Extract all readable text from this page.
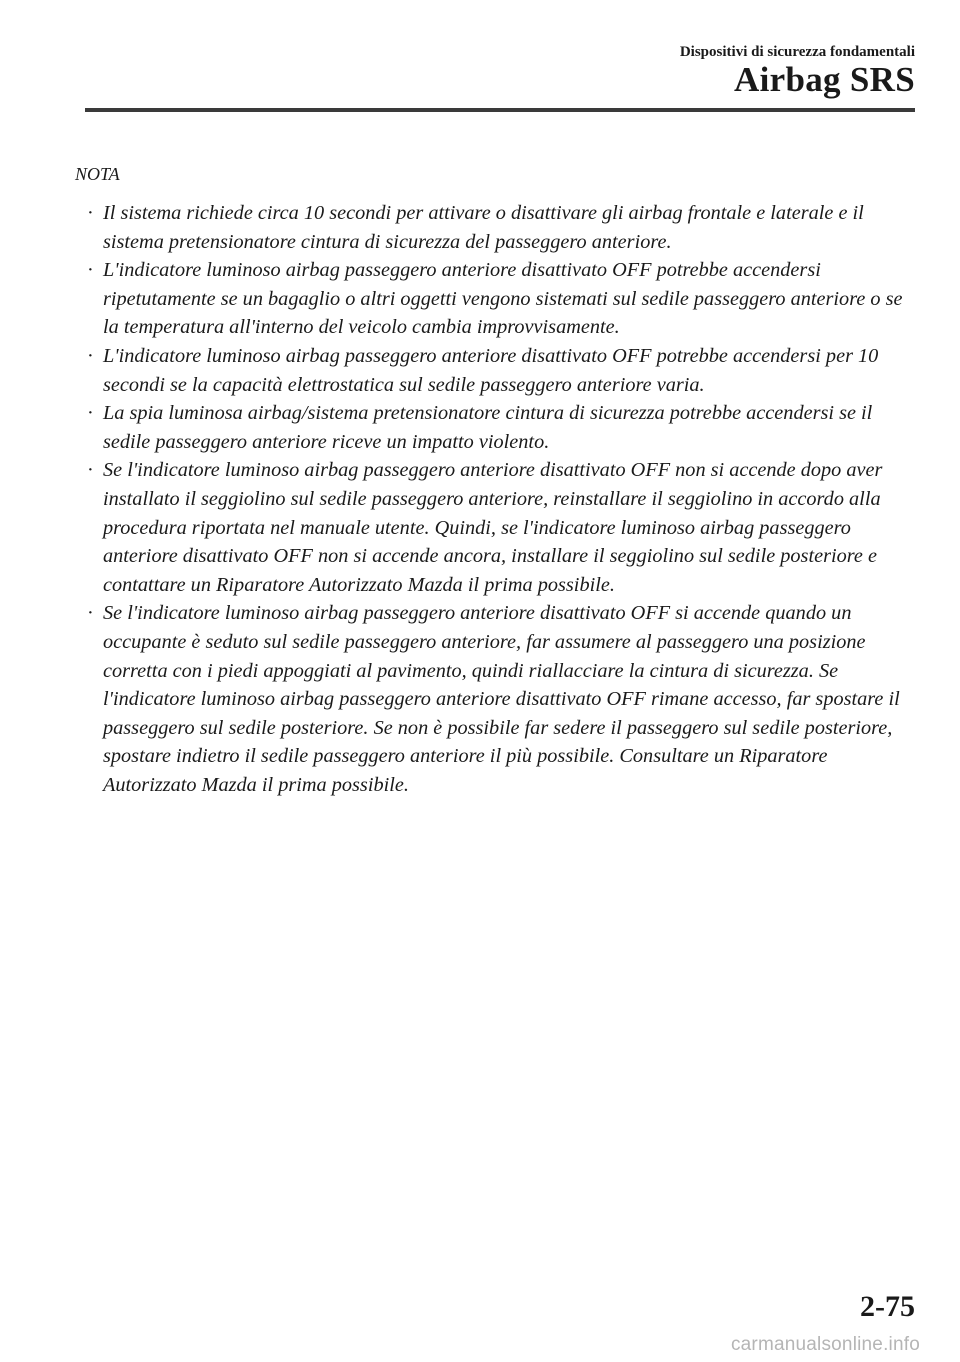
Dispositivi di sicurezza fondamentali
Airbag SRS
NOTA
· Il sistema richiede circa 10 secondi per attivare o disattivare gli airbag frontale e laterale e il sistema pretensionatore cintura di sicurezza del passeggero anteriore.
· L'indicatore luminoso airbag passeggero anteriore disattivato OFF potrebbe accendersi ripetutamente se un bagaglio o altri oggetti vengono sistemati sul sedile passeggero anteriore o se la temperatura all'interno del veicolo cambia improvvisamente.
· L'indicatore luminoso airbag passeggero anteriore disattivato OFF potrebbe accendersi per 10 secondi se la capacità elettrostatica sul sedile passeggero anteriore varia.
· La spia luminosa airbag/sistema pretensionatore cintura di sicurezza potrebbe accendersi se il sedile passeggero anteriore riceve un impatto violento.
· Se l'indicatore luminoso airbag passeggero anteriore disattivato OFF non si accende dopo aver installato il seggiolino sul sedile passeggero anteriore, reinstallare il seggiolino in accordo alla procedura riportata nel manuale utente. Quindi, se l'indicatore luminoso airbag passeggero anteriore disattivato OFF non si accende ancora, installare il seggiolino sul sedile posteriore e contattare un Riparatore Autorizzato Mazda il prima possibile.
· Se l'indicatore luminoso airbag passeggero anteriore disattivato OFF si accende quando un occupante è seduto sul sedile passeggero anteriore, far assumere al passeggero una posizione corretta con i piedi appoggiati al pavimento, quindi riallacciare la cintura di sicurezza. Se l'indicatore luminoso airbag passeggero anteriore disattivato OFF rimane accesso, far spostare il passeggero sul sedile posteriore. Se non è possibile far sedere il passeggero sul sedile posteriore, spostare indietro il sedile passeggero anteriore il più possibile. Consultare un Riparatore Autorizzato Mazda il prima possibile.
2-75
carmanualsonline.info
